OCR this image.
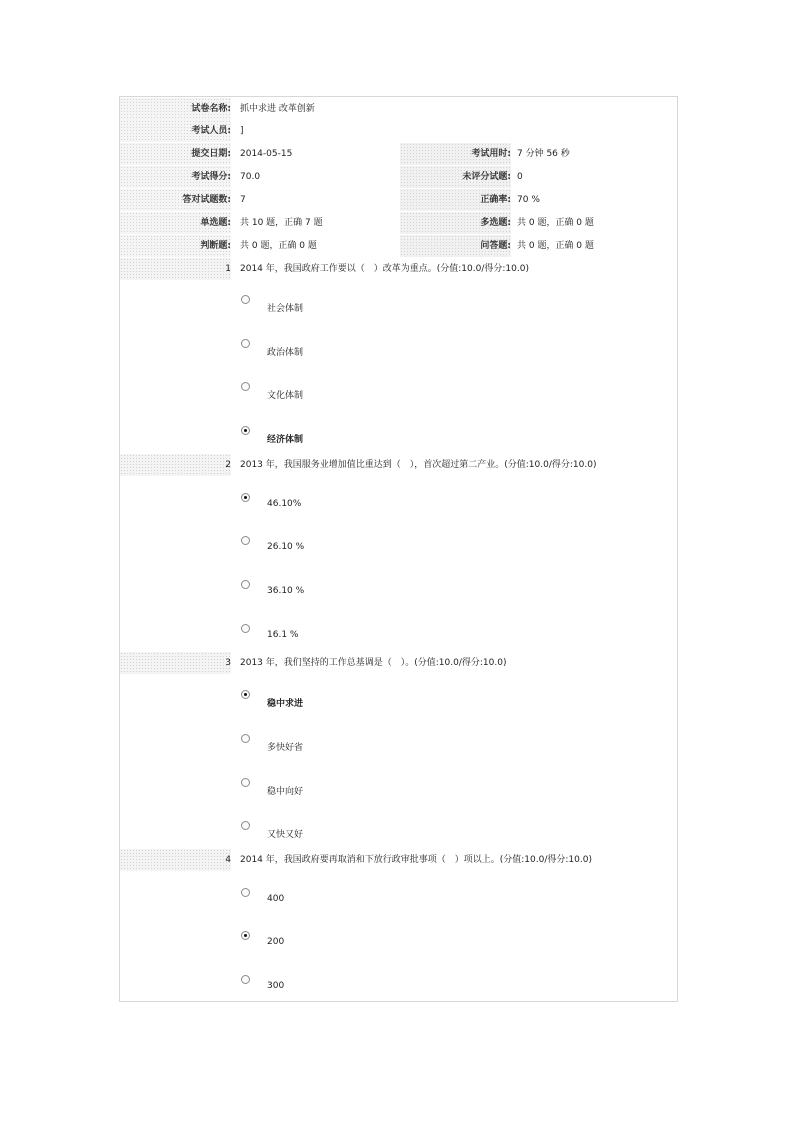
试卷名称: 抓中求进 改革创新
考试人员: ]
提交日期: 2014-05-15	考试用时: 7 分钟 56 秒
考试得分: 70.0	未评分试题: 0
答对试题数: 7	正确率: 70 %
单选题: 共 10 题，正确 7 题	多选题: 共 0 题，正确 0 题
判断题: 共 0 题，正确 0 题	问答题: 共 0 题，正确 0 题
1 2014 年，我国政府工作要以（　）改革为重点。(分值:10.0/得分:10.0)
社会体制
政治体制
文化体制
经济体制
2 2013 年，我国服务业增加值比重达到（　），首次超过第二产业。(分值:10.0/得分:10.0)
46.10%
26.10 %
36.10 %
16.1 %
3 2013 年，我们坚持的工作总基调是（　）。(分值:10.0/得分:10.0)
稳中求进
多快好省
稳中向好
又快又好
4 2014 年，我国政府要再取消和下放行政审批事项（　）项以上。(分值:10.0/得分:10.0)
400
200
300
